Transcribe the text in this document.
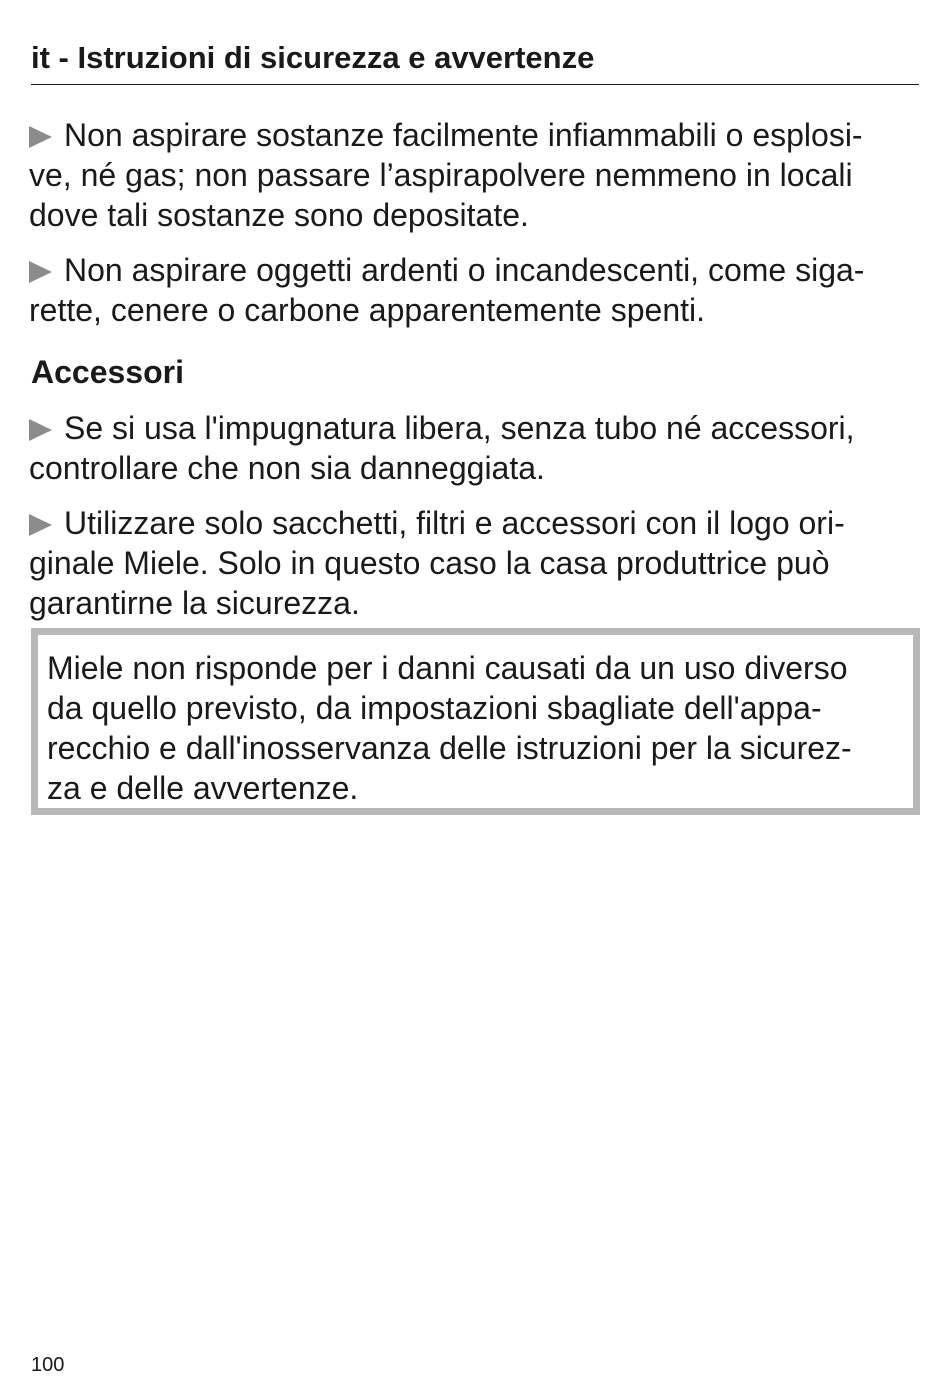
it - Istruzioni di sicurezza e avvertenze
Non aspirare sostanze facilmente infiammabili o esplosi-
ve, né gas; non passare l’aspirapolvere nemmeno in locali
dove tali sostanze sono depositate.
Non aspirare oggetti ardenti o incandescenti, come siga-
rette, cenere o carbone apparentemente spenti.
Accessori
Se si usa l'impugnatura libera, senza tubo né accessori,
controllare che non sia danneggiata.
Utilizzare solo sacchetti, filtri e accessori con il logo ori-
ginale Miele. Solo in questo caso la casa produttrice può
garantirne la sicurezza.
Miele non risponde per i danni causati da un uso diverso
da quello previsto, da impostazioni sbagliate dell'appa-
recchio e dall'inosservanza delle istruzioni per la sicurez-
za e delle avvertenze.
100
